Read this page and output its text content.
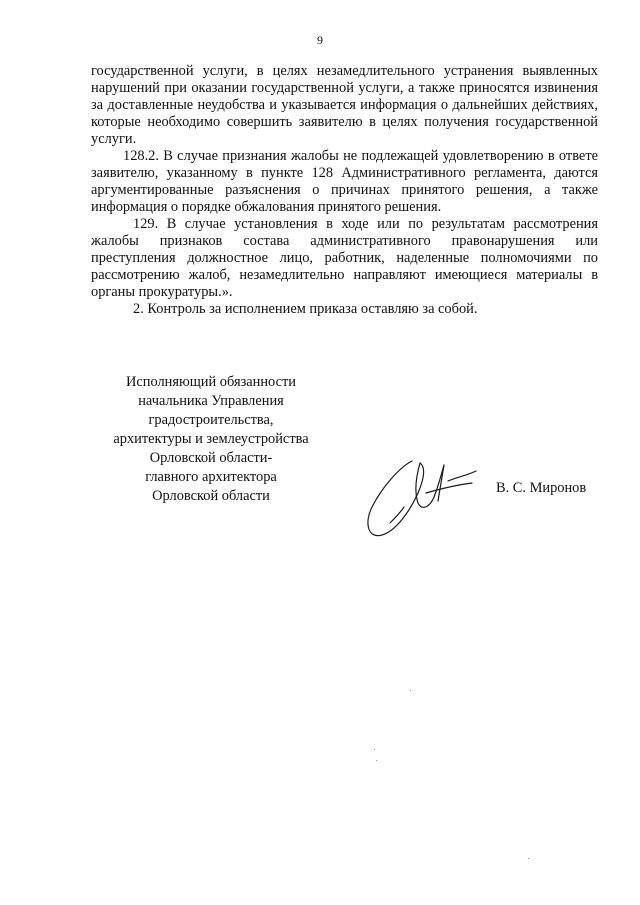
9

государственной услуги, в целях незамедлительного устранения выявленных нарушений при оказании государственной услуги, а также приносятся извинения за доставленные неудобства и указывается информация о дальнейших действиях, которые необходимо совершить заявителю в целях получения государственной услуги.

128.2. В случае признания жалобы не подлежащей удовлетворению в ответе заявителю, указанному в пункте 128 Административного регламента, даются аргументированные разъяснения о причинах принятого решения, а также информация о порядке обжалования принятого решения.

129. В случае установления в ходе или по результатам рассмотрения жалобы признаков состава административного правонарушения или преступления должностное лицо, работник, наделенные полномочиями по рассмотрению жалоб, незамедлительно направляют имеющиеся материалы в органы прокуратуры.».

2. Контроль за исполнением приказа оставляю за собой.

Исполняющий обязанности
начальника Управления
градостроительства,
архитектуры и землеустройства
Орловской области-
главного архитектора
Орловской области	В. С. Миронов
